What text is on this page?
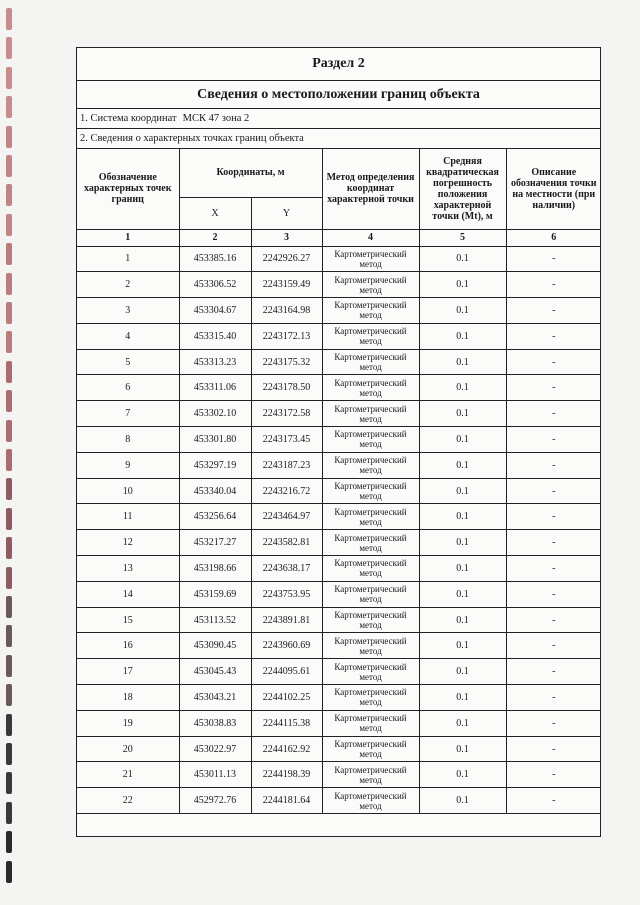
Раздел 2
Сведения о местоположении границ объекта
1. Система координат МСК 47 зона 2
2. Сведения о характерных точках границ объекта
Обозначение характерных точек границ	Координаты, м		Метод определения координат характерной точки	Средняя квадратическая погрешность положения характерной точки (Mt), м	Описание обозначения точки на местности (при наличии)
	X	Y			
1	2	3	4	5	6
1	453385.16	2242926.27	Картометрический метод	0.1	-
2	453306.52	2243159.49	Картометрический метод	0.1	-
3	453304.67	2243164.98	Картометрический метод	0.1	-
4	453315.40	2243172.13	Картометрический метод	0.1	-
5	453313.23	2243175.32	Картометрический метод	0.1	-
6	453311.06	2243178.50	Картометрический метод	0.1	-
7	453302.10	2243172.58	Картометрический метод	0.1	-
8	453301.80	2243173.45	Картометрический метод	0.1	-
9	453297.19	2243187.23	Картометрический метод	0.1	-
10	453340.04	2243216.72	Картометрический метод	0.1	-
11	453256.64	2243464.97	Картометрический метод	0.1	-
12	453217.27	2243582.81	Картометрический метод	0.1	-
13	453198.66	2243638.17	Картометрический метод	0.1	-
14	453159.69	2243753.95	Картометрический метод	0.1	-
15	453113.52	2243891.81	Картометрический метод	0.1	-
16	453090.45	2243960.69	Картометрический метод	0.1	-
17	453045.43	2244095.61	Картометрический метод	0.1	-
18	453043.21	2244102.25	Картометрический метод	0.1	-
19	453038.83	2244115.38	Картометрический метод	0.1	-
20	453022.97	2244162.92	Картометрический метод	0.1	-
21	453011.13	2244198.39	Картометрический метод	0.1	-
22	452972.76	2244181.64	Картометрический метод	0.1	-
